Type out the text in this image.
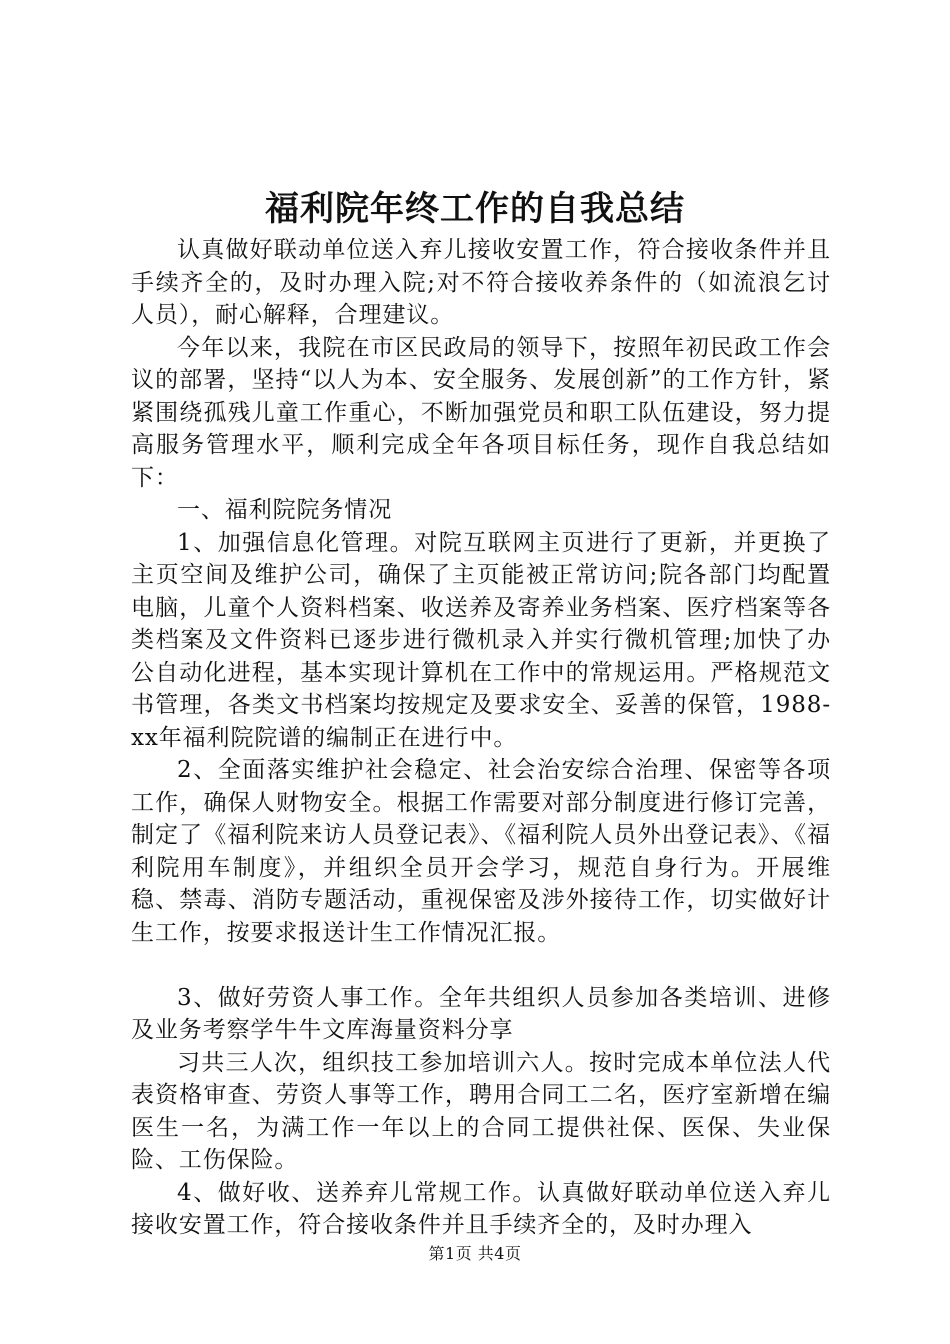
福利院年终工作的自我总结

认真做好联动单位送入弃儿接收安置工作，符合接收条件并且手续齐全的，及时办理入院;对不符合接收养条件的（如流浪乞讨人员），耐心解释，合理建议。

今年以来，我院在市区民政局的领导下，按照年初民政工作会议的部署，坚持“以人为本、安全服务、发展创新”的工作方针，紧紧围绕孤残儿童工作重心，不断加强党员和职工队伍建设，努力提高服务管理水平，顺利完成全年各项目标任务，现作自我总结如下：

一、福利院院务情况

1、加强信息化管理。对院互联网主页进行了更新，并更换了主页空间及维护公司，确保了主页能被正常访问;院各部门均配置电脑，儿童个人资料档案、收送养及寄养业务档案、医疗档案等各类档案及文件资料已逐步进行微机录入并实行微机管理;加快了办公自动化进程，基本实现计算机在工作中的常规运用。严格规范文书管理，各类文书档案均按规定及要求安全、妥善的保管，1988-xx年福利院院谱的编制正在进行中。

2、全面落实维护社会稳定、社会治安综合治理、保密等各项工作，确保人财物安全。根据工作需要对部分制度进行修订完善，制定了《福利院来访人员登记表》、《福利院人员外出登记表》、《福利院用车制度》，并组织全员开会学习，规范自身行为。开展维稳、禁毒、消防专题活动，重视保密及涉外接待工作，切实做好计生工作，按要求报送计生工作情况汇报。

3、做好劳资人事工作。全年共组织人员参加各类培训、进修及业务考察学牛牛文库海量资料分享

习共三人次，组织技工参加培训六人。按时完成本单位法人代表资格审查、劳资人事等工作，聘用合同工二名，医疗室新增在编医生一名，为满工作一年以上的合同工提供社保、医保、失业保险、工伤保险。

4、做好收、送养弃儿常规工作。认真做好联动单位送入弃儿接收安置工作，符合接收条件并且手续齐全的，及时办理入

第1页 共4页
